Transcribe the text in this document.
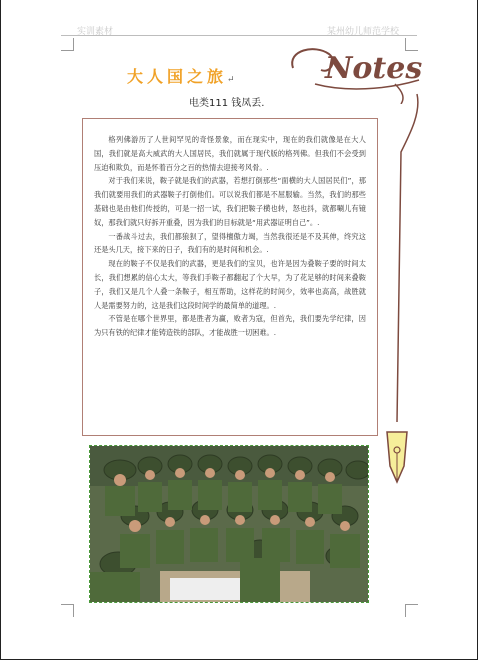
实训素材	某州幼儿师范学校
大人国之旅↵
电类111 钱凤丢.
Notes

格列佛游历了人世间罕见的奇怪景象，而在现实中，现在的我们就像是在大人国，我们就是高大威武的大人国居民，我们就属于现代版的格列佛。但我们不会受到压迫和欺负，而是怀着百分之百的热情去迎接考风骨。.

对于我们来说，鞍子就是我们的武器，若想打倒那些“面横的大人国居民们”，那我们就要用我们的武器鞍子打倒他们。可以说我们都是不屈服输。当然，我们的那些基础也是由他们传授的，可是一招一试，我们把鞍子横也转，怒也抖，就都唰儿有镜奴，那我们就只好拆开重叠，因为我们的目标就是“用武器证明自己”。.

一番战斗过去，我们都狼狈了，望得檀傲力竭，当然我很还是不及其伸，终究这还是头几天，接下来的日子，我们有的是时间和机会。.

现在的鞍子不仅是我们的武器，更是我们的宝贝，也许是因为叠鞍子要的时间太长，我们想累的信心太大，等我们手鞍子都翻起了个大早，为了花足够的时间来叠鞍子，我们又是几个人叠一条鞍子，相互帮助，这样花的时间少，效率也高高，战胜就人是需要努力的，这是我们这段时间学的最简单的道理。.

不管是在哪个世界里，都是胜者为赢，败者为寇，但首先，我们要先学纪律，因为只有铁的纪律才能铸造铁的部队，才能战胜一切困难。.
